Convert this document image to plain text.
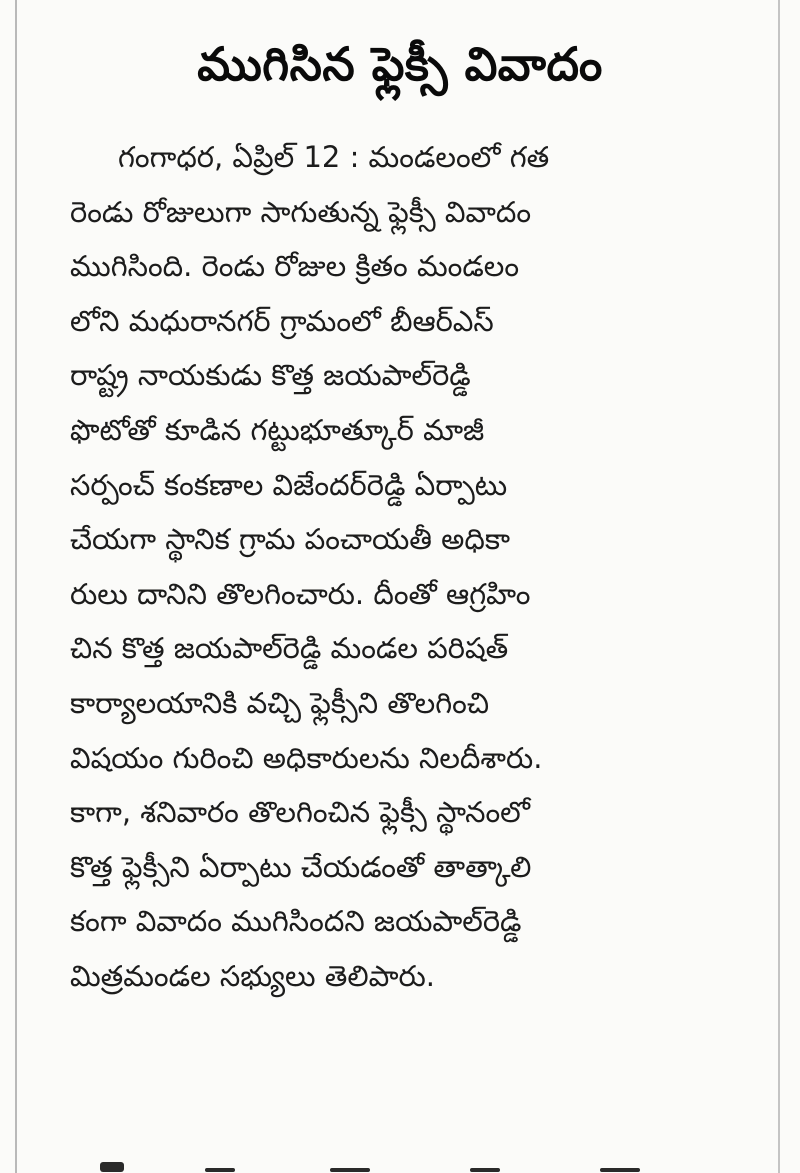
ముగిసిన ఫ్లెక్సీ వివాదం
గంగాధర, ఏప్రిల్ 12 : మండలంలో గత
రెండు రోజులుగా సాగుతున్న ఫ్లెక్సీ వివాదం
ముగిసింది. రెండు రోజుల క్రితం మండలం
లోని మధురానగర్ గ్రామంలో బీఆర్ఎస్
రాష్ట్ర నాయకుడు కొత్త జయపాల్‌రెడ్డి
ఫొటోతో కూడిన గట్టుభూత్కూర్ మాజీ
సర్పంచ్ కంకణాల విజేందర్‌రెడ్డి ఏర్పాటు
చేయగా స్థానిక గ్రామ పంచాయతీ అధికా
రులు దానిని తొలగించారు. దీంతో ఆగ్రహిం
చిన కొత్త జయపాల్‌రెడ్డి మండల పరిషత్
కార్యాలయానికి వచ్చి ఫ్లెక్సీని తొలగించి
విషయం గురించి అధికారులను నిలదీశారు.
కాగా, శనివారం తొలగించిన ఫ్లెక్సీ స్థానంలో
కొత్త ఫ్లెక్సీని ఏర్పాటు చేయడంతో తాత్కాలి
కంగా వివాదం ముగిసిందని జయపాల్‌రెడ్డి
మిత్రమండల సభ్యులు తెలిపారు.
